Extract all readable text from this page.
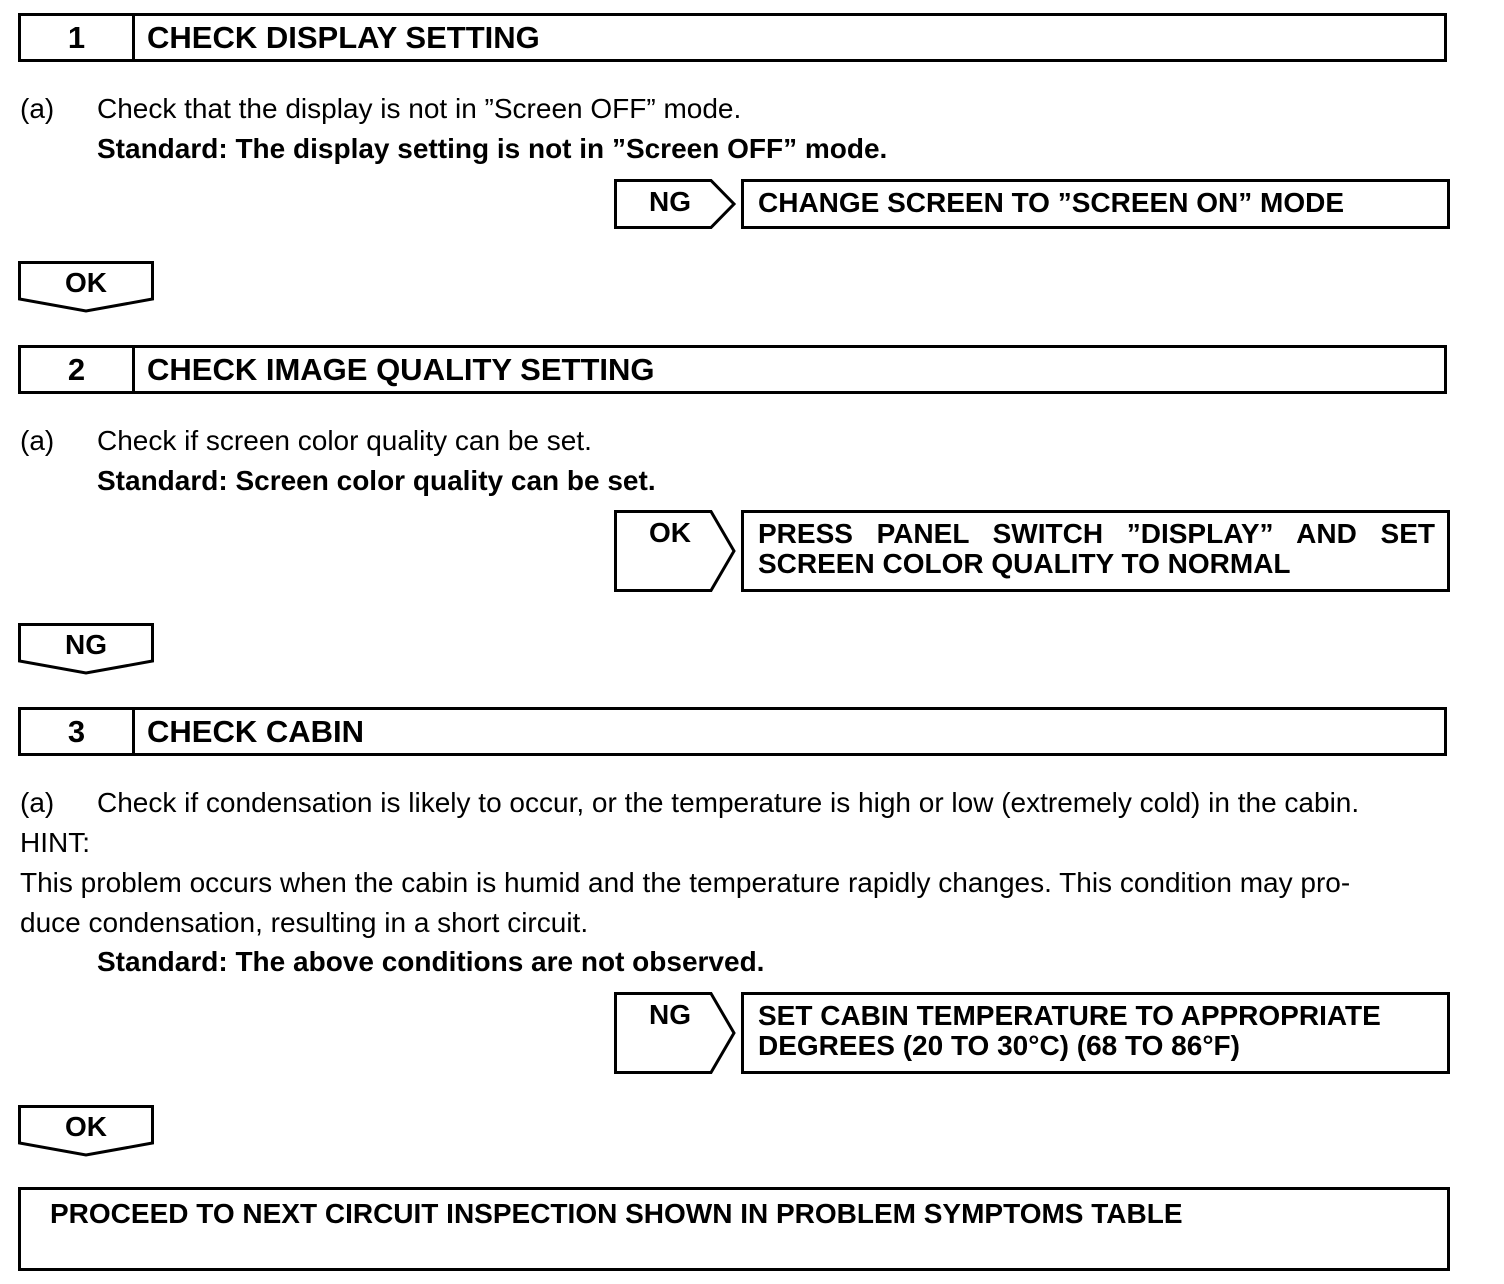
1	CHECK DISPLAY SETTING
(a) Check that the display is not in ”Screen OFF” mode.
Standard: The display setting is not in ”Screen OFF” mode.
NG	CHANGE SCREEN TO ”SCREEN ON” MODE
OK
2	CHECK IMAGE QUALITY SETTING
(a) Check if screen color quality can be set.
Standard: Screen color quality can be set.
OK	PRESS PANEL SWITCH ”DISPLAY” AND SET
SCREEN COLOR QUALITY TO NORMAL
NG
3	CHECK CABIN
(a) Check if condensation is likely to occur, or the temperature is high or low (extremely cold) in the cabin.
HINT:
This problem occurs when the cabin is humid and the temperature rapidly changes. This condition may pro-
duce condensation, resulting in a short circuit.
Standard: The above conditions are not observed.
NG	SET CABIN TEMPERATURE TO APPROPRIATE
DEGREES (20 TO 30°C) (68 TO 86°F)
OK
PROCEED TO NEXT CIRCUIT INSPECTION SHOWN IN PROBLEM SYMPTOMS TABLE
